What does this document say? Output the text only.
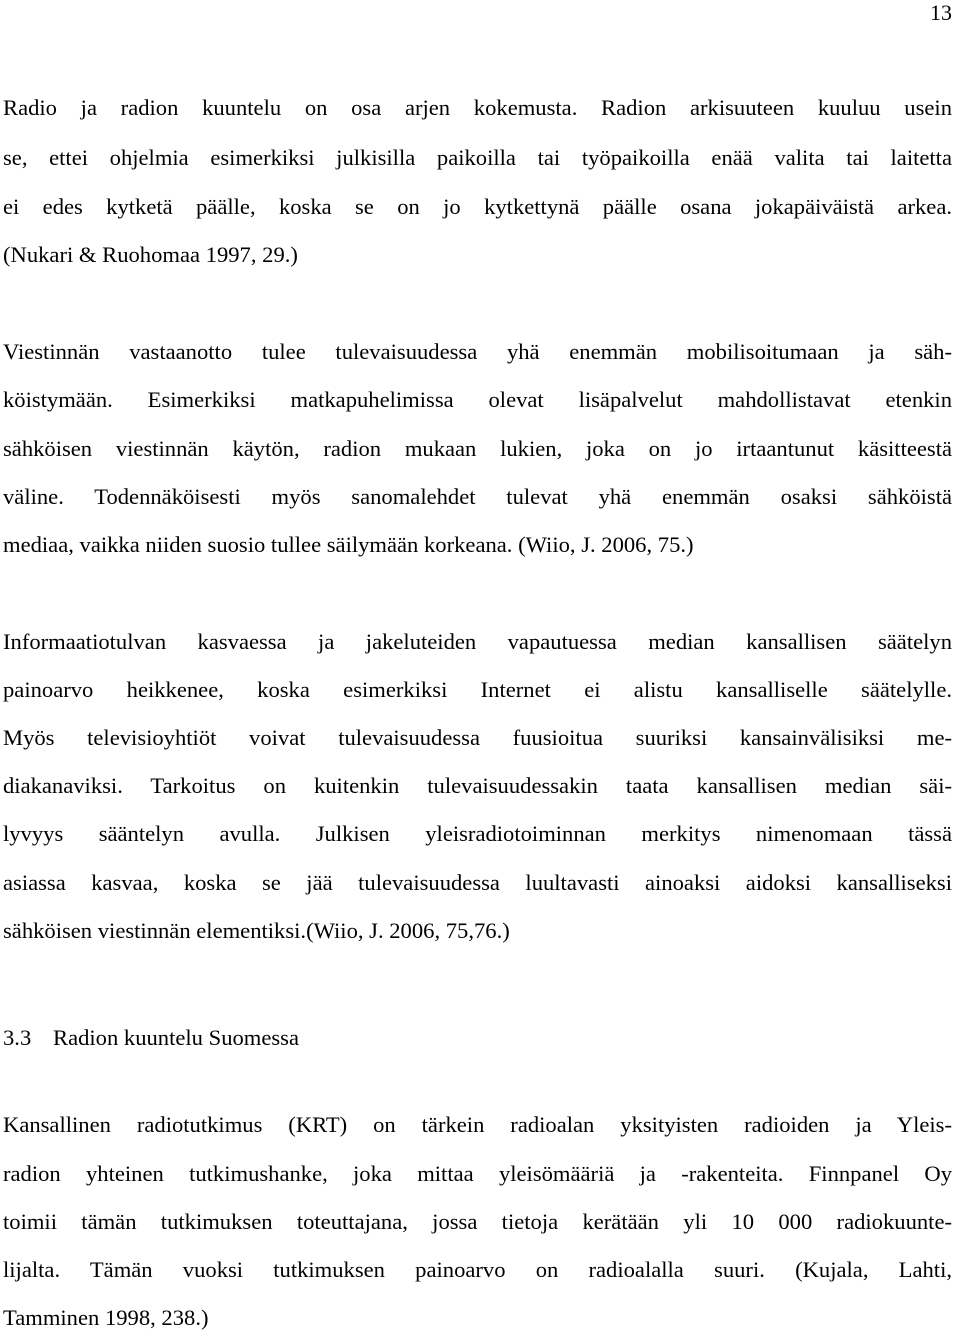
13
Radio ja radion kuuntelu on osa arjen kokemusta. Radion arkisuuteen kuuluu usein
se, ettei ohjelmia esimerkiksi julkisilla paikoilla tai työpaikoilla enää valita tai laitetta
ei edes kytketä päälle, koska se on jo kytkettynä päälle osana jokapäiväistä arkea.
(Nukari & Ruohomaa 1997, 29.)
Viestinnän vastaanotto tulee tulevaisuudessa yhä enemmän mobilisoitumaan ja säh-
köistymään. Esimerkiksi matkapuhelimissa olevat lisäpalvelut mahdollistavat etenkin
sähköisen viestinnän käytön, radion mukaan lukien, joka on jo irtaantunut käsitteestä
väline. Todennäköisesti myös sanomalehdet tulevat yhä enemmän osaksi sähköistä
mediaa, vaikka niiden suosio tullee säilymään korkeana. (Wiio, J. 2006, 75.)
Informaatiotulvan kasvaessa ja jakeluteiden vapautuessa median kansallisen säätelyn
painoarvo heikkenee, koska esimerkiksi Internet ei alistu kansalliselle säätelylle.
Myös televisioyhtiöt voivat tulevaisuudessa fuusioitua suuriksi kansainvälisiksi me-
diakanaviksi. Tarkoitus on kuitenkin tulevaisuudessakin taata kansallisen median säi-
lyvyys sääntelyn avulla. Julkisen yleisradiotoiminnan merkitys nimenomaan tässä
asiassa kasvaa, koska se jää tulevaisuudessa luultavasti ainoaksi aidoksi kansalliseksi
sähköisen viestinnän elementiksi.(Wiio, J. 2006, 75,76.)
3.3 Radion kuuntelu Suomessa
Kansallinen radiotutkimus (KRT) on tärkein radioalan yksityisten radioiden ja Yleis-
radion yhteinen tutkimushanke, joka mittaa yleisömääriä ja -rakenteita. Finnpanel Oy
toimii tämän tutkimuksen toteuttajana, jossa tietoja kerätään yli 10 000 radiokuunte-
lijalta. Tämän vuoksi tutkimuksen painoarvo on radioalalla suuri. (Kujala, Lahti,
Tamminen 1998, 238.)
